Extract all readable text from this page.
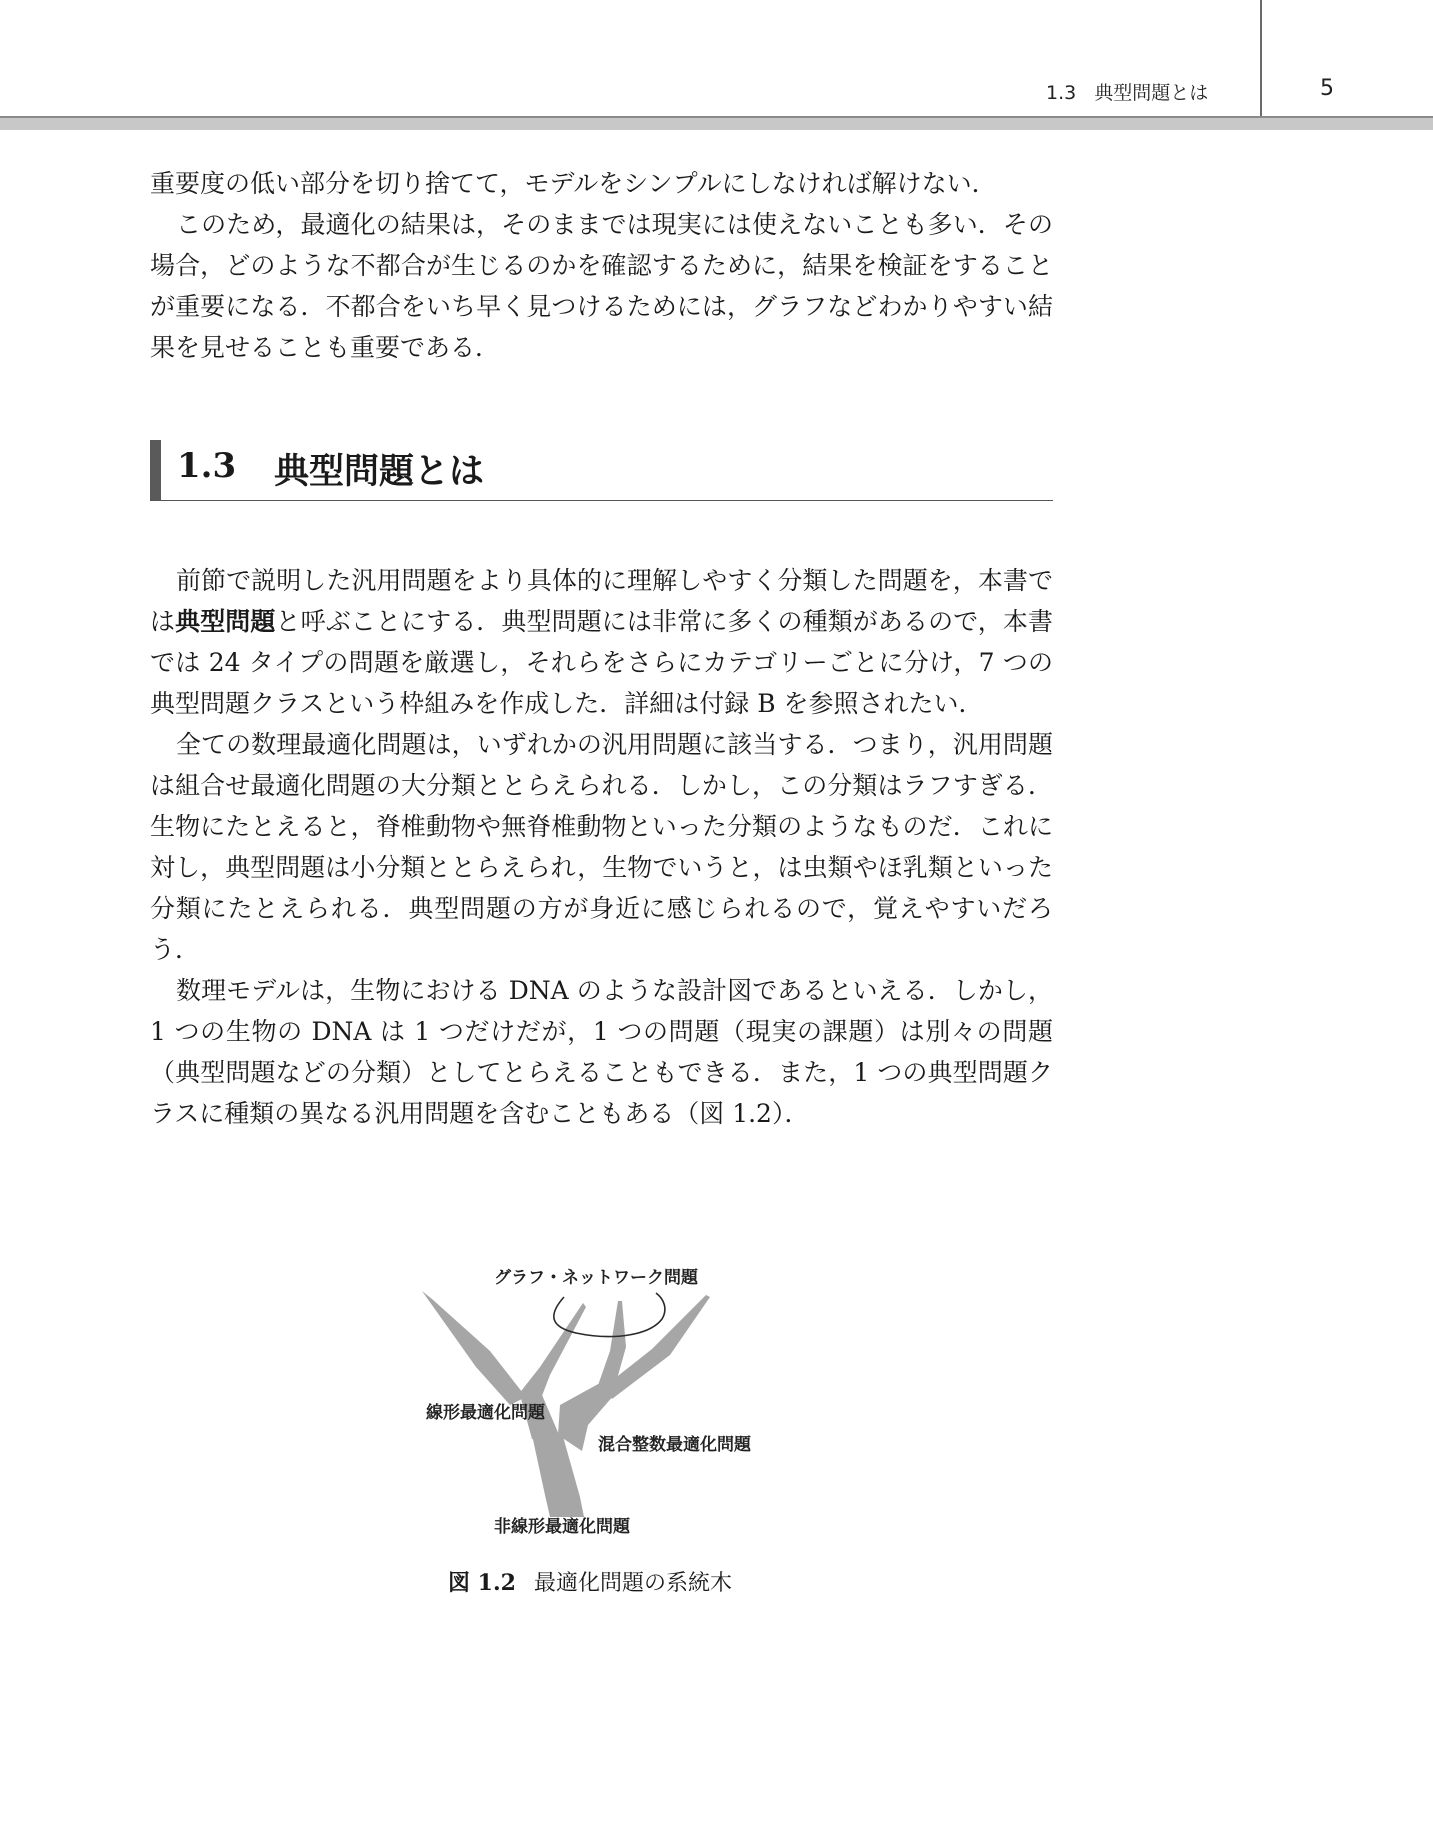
1.3 典型問題とは	5

重要度の低い部分を切り捨てて，モデルをシンプルにしなければ解けない．

このため，最適化の結果は，そのままでは現実には使えないことも多い．その場合，どのような不都合が生じるのかを確認するために，結果を検証をすることが重要になる．不都合をいち早く見つけるためには，グラフなどわかりやすい結果を見せることも重要である．

1.3 典型問題とは

前節で説明した汎用問題をより具体的に理解しやすく分類した問題を，本書では典型問題と呼ぶことにする．典型問題には非常に多くの種類があるので，本書では 24 タイプの問題を厳選し，それらをさらにカテゴリーごとに分け，7 つの典型問題クラスという枠組みを作成した．詳細は付録 B を参照されたい．

全ての数理最適化問題は，いずれかの汎用問題に該当する．つまり，汎用問題は組合せ最適化問題の大分類ととらえられる．しかし，この分類はラフすぎる．生物にたとえると，脊椎動物や無脊椎動物といった分類のようなものだ．これに対し，典型問題は小分類ととらえられ，生物でいうと，は虫類やほ乳類といった分類にたとえられる．典型問題の方が身近に感じられるので，覚えやすいだろう．

数理モデルは，生物における DNA のような設計図であるといえる．しかし，1 つの生物の DNA は 1 つだけだが，1 つの問題（現実の課題）は別々の問題（典型問題などの分類）としてとらえることもできる．また，1 つの典型問題クラスに種類の異なる汎用問題を含むこともある（図 1.2）．

グラフ・ネットワーク問題
線形最適化問題
混合整数最適化問題
非線形最適化問題
図 1.2 最適化問題の系統木
